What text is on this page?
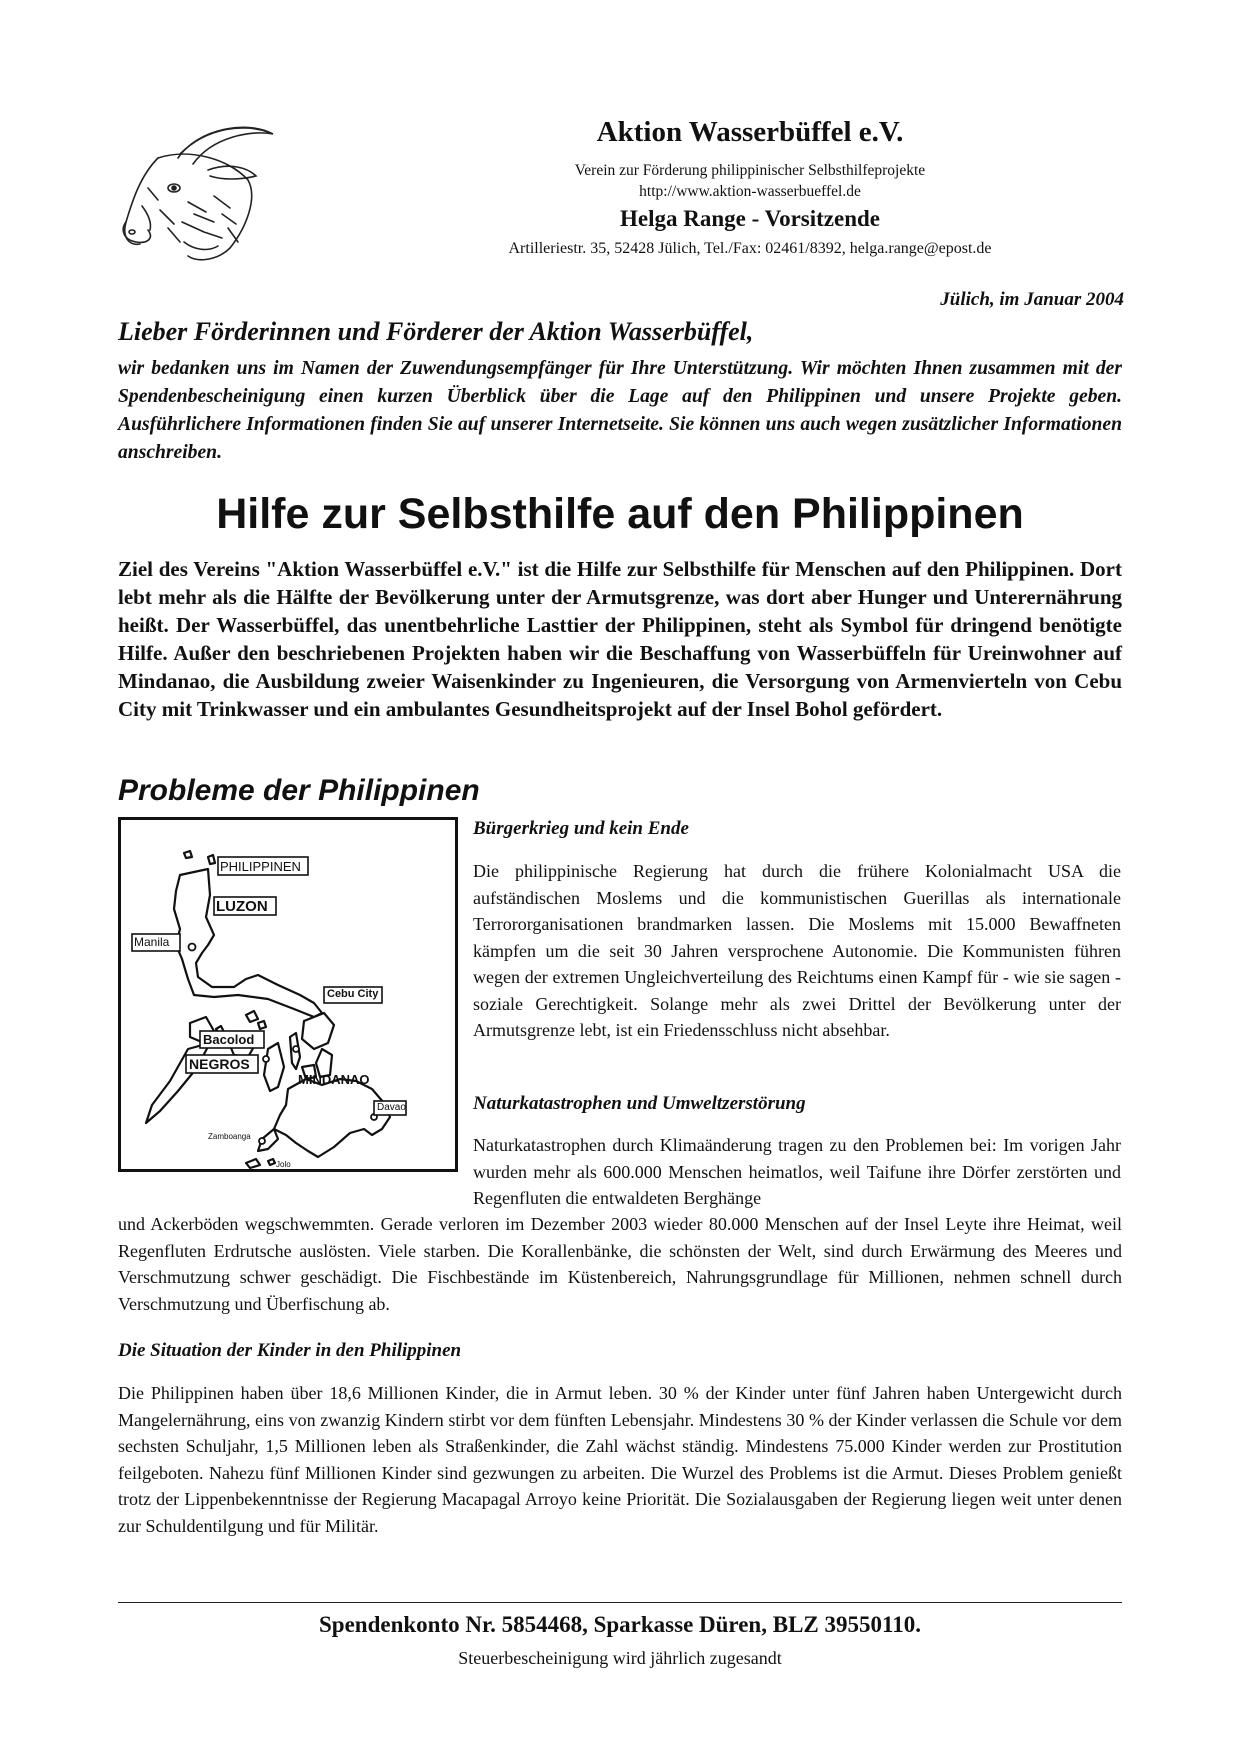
Aktion Wasserbüffel e.V.
Verein zur Förderung philippinischer Selbsthilfeprojekte
http://www.aktion-wasserbueffel.de
Helga Range - Vorsitzende
Artilleriestr. 35, 52428 Jülich, Tel./Fax: 02461/8392, helga.range@epost.de
Jülich, im Januar 2004
Lieber Förderinnen und Förderer der Aktion Wasserbüffel,
wir bedanken uns im Namen der Zuwendungsempfänger für Ihre Unterstützung. Wir möchten Ihnen zusammen mit der Spendenbescheinigung einen kurzen Überblick über die Lage auf den Philippinen und unsere Projekte geben. Ausführlichere Informationen finden Sie auf unserer Internetseite. Sie können uns auch wegen zusätzlicher Informationen anschreiben.
Hilfe zur Selbsthilfe auf den Philippinen
Ziel des Vereins "Aktion Wasserbüffel e.V." ist die Hilfe zur Selbsthilfe für Menschen auf den Philippinen. Dort lebt mehr als die Hälfte der Bevölkerung unter der Armutsgrenze, was dort aber Hunger und Unterernährung heißt. Der Wasserbüffel, das unentbehrliche Lasttier der Philippinen, steht als Symbol für dringend benötigte Hilfe. Außer den beschriebenen Projekten haben wir die Beschaffung von Wasserbüffeln für Ureinwohner auf Mindanao, die Ausbildung zweier Waisenkinder zu Ingenieuren, die Versorgung von Armenvierteln von Cebu City mit Trinkwasser und ein ambulantes Gesundheitsprojekt auf der Insel Bohol gefördert.
Probleme der Philippinen
PHILIPPINEN
LUZON
Manila
Cebu City
Bacolod
NEGROS
MINDANAO
Davao
Zamboanga
Jolo
Bürgerkrieg und kein Ende
Die philippinische Regierung hat durch die frühere Kolonialmacht USA die aufständischen Moslems und die kommunistischen Guerillas als internationale Terrororganisationen brandmarken lassen. Die Moslems mit 15.000 Bewaffneten kämpfen um die seit 30 Jahren versprochene Autonomie. Die Kommunisten führen wegen der extremen Ungleichverteilung des Reichtums einen Kampf für - wie sie sagen - soziale Gerechtigkeit. Solange mehr als zwei Drittel der Bevölkerung unter der Armutsgrenze lebt, ist ein Friedensschluss nicht absehbar.
Naturkatastrophen und Umweltzerstörung
Naturkatastrophen durch Klimaänderung tragen zu den Problemen bei: Im vorigen Jahr wurden mehr als 600.000 Menschen heimatlos, weil Taifune ihre Dörfer zerstörten und Regenfluten die entwaldeten Berghänge
und Ackerböden wegschwemmten. Gerade verloren im Dezember 2003 wieder 80.000 Menschen auf der Insel Leyte ihre Heimat, weil Regenfluten Erdrutsche auslösten. Viele starben. Die Korallenbänke, die schönsten der Welt, sind durch Erwärmung des Meeres und Verschmutzung schwer geschädigt. Die Fischbestände im Küstenbereich, Nahrungsgrundlage für Millionen, nehmen schnell durch Verschmutzung und Überfischung ab.
Die Situation der Kinder in den Philippinen
Die Philippinen haben über 18,6 Millionen Kinder, die in Armut leben. 30 % der Kinder unter fünf Jahren haben Untergewicht durch Mangelernährung, eins von zwanzig Kindern stirbt vor dem fünften Lebensjahr. Mindestens 30 % der Kinder verlassen die Schule vor dem sechsten Schuljahr, 1,5 Millionen leben als Straßenkinder, die Zahl wächst ständig. Mindestens 75.000 Kinder werden zur Prostitution feilgeboten. Nahezu fünf Millionen Kinder sind gezwungen zu arbeiten. Die Wurzel des Problems ist die Armut. Dieses Problem genießt trotz der Lippenbekenntnisse der Regierung Macapagal Arroyo keine Priorität. Die Sozialausgaben der Regierung liegen weit unter denen zur Schuldentilgung und für Militär.
Spendenkonto Nr. 5854468, Sparkasse Düren, BLZ 39550110.
Steuerbescheinigung wird jährlich zugesandt
